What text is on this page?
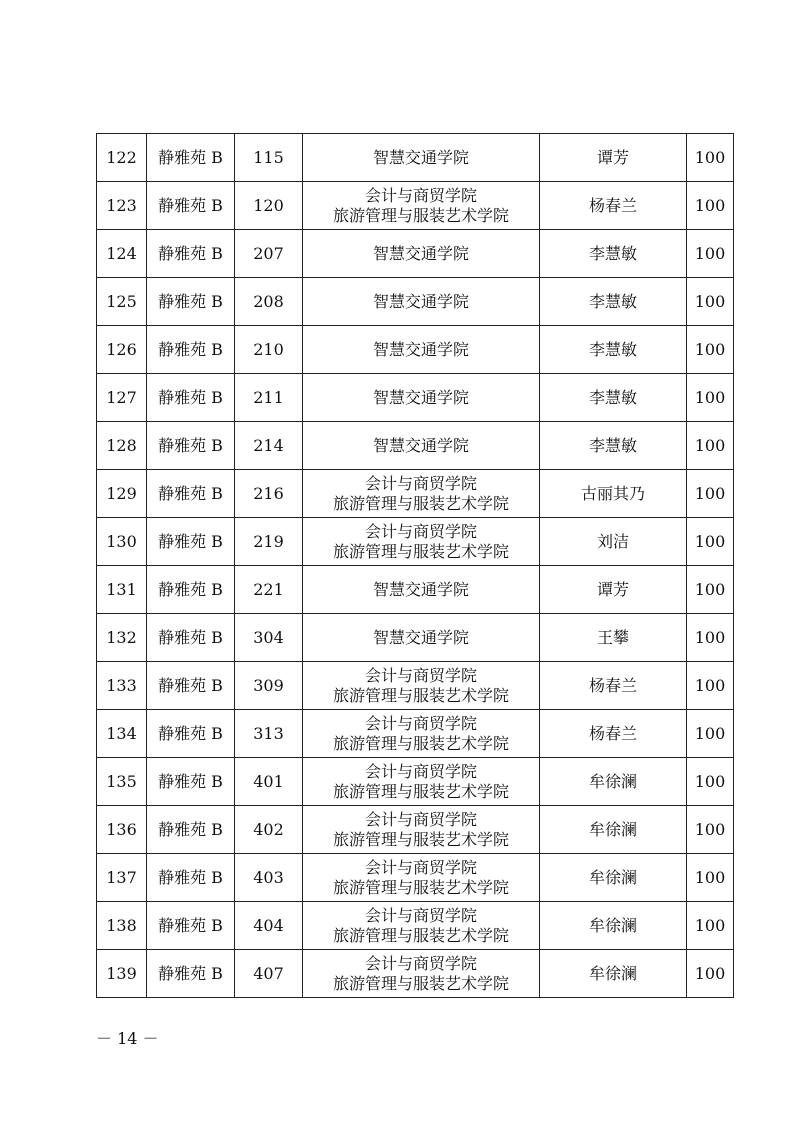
122	静雅苑 B	115	智慧交通学院	谭芳	100
123	静雅苑 B	120	会计与商贸学院
旅游管理与服装艺术学院	杨春兰	100
124	静雅苑 B	207	智慧交通学院	李慧敏	100
125	静雅苑 B	208	智慧交通学院	李慧敏	100
126	静雅苑 B	210	智慧交通学院	李慧敏	100
127	静雅苑 B	211	智慧交通学院	李慧敏	100
128	静雅苑 B	214	智慧交通学院	李慧敏	100
129	静雅苑 B	216	会计与商贸学院
旅游管理与服装艺术学院	古丽其乃	100
130	静雅苑 B	219	会计与商贸学院
旅游管理与服装艺术学院	刘洁	100
131	静雅苑 B	221	智慧交通学院	谭芳	100
132	静雅苑 B	304	智慧交通学院	王攀	100
133	静雅苑 B	309	会计与商贸学院
旅游管理与服装艺术学院	杨春兰	100
134	静雅苑 B	313	会计与商贸学院
旅游管理与服装艺术学院	杨春兰	100
135	静雅苑 B	401	会计与商贸学院
旅游管理与服装艺术学院	牟徐澜	100
136	静雅苑 B	402	会计与商贸学院
旅游管理与服装艺术学院	牟徐澜	100
137	静雅苑 B	403	会计与商贸学院
旅游管理与服装艺术学院	牟徐澜	100
138	静雅苑 B	404	会计与商贸学院
旅游管理与服装艺术学院	牟徐澜	100
139	静雅苑 B	407	会计与商贸学院
旅游管理与服装艺术学院	牟徐澜	100
－ 14 －
